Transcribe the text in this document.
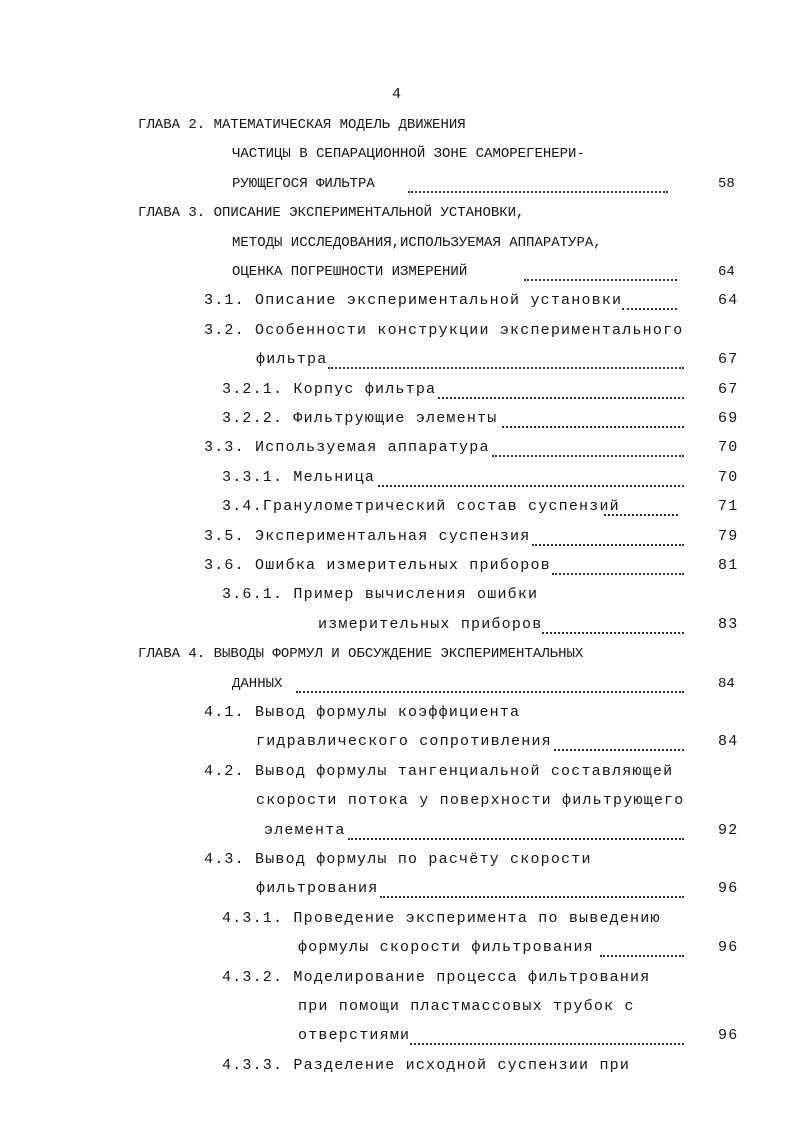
4
ГЛАВА 2. МАТЕМАТИЧЕСКАЯ МОДЕЛЬ ДВИЖЕНИЯ
ЧАСТИЦЫ В СЕПАРАЦИОННОЙ ЗОНЕ САМОРЕГЕНЕРИ-
РУЮЩЕГОСЯ ФИЛЬТРА	58
ГЛАВА 3. ОПИСАНИЕ ЭКСПЕРИМЕНТАЛЬНОЙ УСТАНОВКИ,
МЕТОДЫ ИССЛЕДОВАНИЯ,ИСПОЛЬЗУЕМАЯ АППАРАТУРА,
ОЦЕНКА ПОГРЕШНОСТИ ИЗМЕРЕНИЙ	64
3.1. Описание экспериментальной установки	64
3.2. Особенности конструкции экспериментального
фильтра	67
3.2.1. Корпус фильтра	67
3.2.2. Фильтрующие элементы	69
3.3. Используемая аппаратура	70
3.3.1. Мельница	70
3.4.Гранулометрический состав суспензий	71
3.5. Экспериментальная суспензия	79
3.6. Ошибка измерительных приборов	81
3.6.1. Пример вычисления ошибки
измерительных приборов	83
ГЛАВА 4. ВЫВОДЫ ФОРМУЛ И ОБСУЖДЕНИЕ ЭКСПЕРИМЕНТАЛЬНЫХ
ДАННЫХ	84
4.1. Вывод формулы коэффициента
гидравлического сопротивления	84
4.2. Вывод формулы тангенциальной составляющей
скорости потока у поверхности фильтрующего
элемента	92
4.3. Вывод формулы по расчёту скорости
фильтрования	96
4.3.1. Проведение эксперимента по выведению
формулы скорости фильтрования	96
4.3.2. Моделирование процесса фильтрования
при помощи пластмассовых трубок с
отверстиями	96
4.3.3. Разделение исходной суспензии при
